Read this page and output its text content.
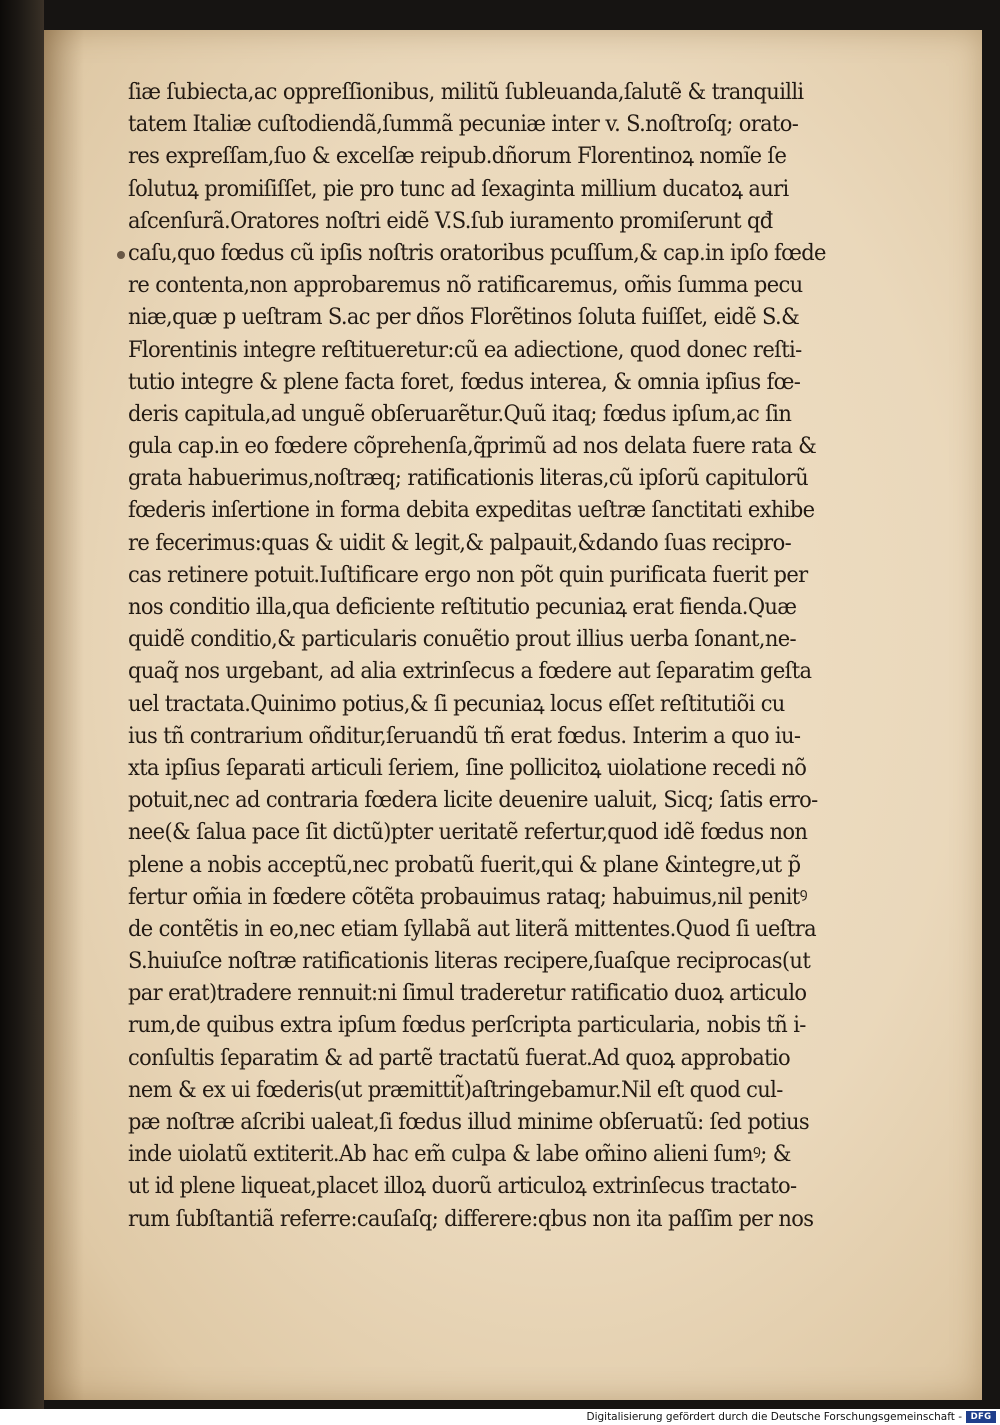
ſiæ ſubiecta,ac oppreſſionibus, militũ ſubleuanda,ſalutẽ & tranquilli
tatem Italiæ cuſtodiendã,ſummã pecuniæ inter v. S.noſtroſq; orato-
res expreſſam,ſuo & excelſæ reipub.dñorum Florentinoꝝ nomĩe ſe
ſolutuꝝ promiſiſſet, pie pro tunc ad ſexaginta millium ducatoꝝ auri
aſcenſurã.Oratores noſtri eidẽ V.S.ſub iuramento promiſerunt qđ
caſu,quo fœdus cũ ipſis noſtris oratoribus pcuſſum,& cap.in ipſo fœde
re contenta,non approbaremus nõ ratificaremus, om̃is ſumma pecu
niæ,quæ p ueſtram S.ac per dños Florẽtinos ſoluta fuiſſet, eidẽ S.&
Florentinis integre reſtitueretur:cũ ea adiectione, quod donec reſti-
tutio integre & plene facta foret, fœdus interea, & omnia ipſius fœ-
deris capitula,ad unguẽ obſeruarẽtur.Quũ itaq; fœdus ipſum,ac ſin
gula cap.in eo fœdere cõprehenſa,q̃primũ ad nos delata fuere rata &
grata habuerimus,noſtræq; ratificationis literas,cũ ipſorũ capitulorũ
fœderis inſertione in forma debita expeditas ueſtræ ſanctitati exhibe
re fecerimus:quas & uidit & legit,& palpauit,&dando ſuas recipro-
cas retinere potuit.Iuſtificare ergo non põt quin purificata fuerit per
nos conditio illa,qua deficiente reſtitutio pecuniaꝝ erat fienda.Quæ
quidẽ conditio,& particularis conuẽtio prout illius uerba ſonant,ne-
quaq̃ nos urgebant, ad alia extrinſecus a fœdere aut ſeparatim geſta
uel tractata.Quinimo potius,& ſi pecuniaꝝ locus eſſet reſtitutiõi cu
ius tñ contrarium oñditur,ſeruandũ tñ erat fœdus. Interim a quo iu-
xta ipſius ſeparati articuli ſeriem, ſine pollicitoꝝ uiolatione recedi nõ
potuit,nec ad contraria fœdera licite deuenire ualuit, Sicq; ſatis erro-
nee(& ſalua pace ſit dictũ)pter ueritatẽ refertur,quod idẽ fœdus non
plene a nobis acceptũ,nec probatũ fuerit,qui & plane &integre,ut p̃
fertur om̃ia in fœdere cõtẽta probauimus rataq; habuimus,nil penitꝰ
de contẽtis in eo,nec etiam ſyllabã aut literã mittentes.Quod ſi ueſtra
S.huiuſce noſtræ ratificationis literas recipere,ſuaſque reciprocas(ut
par erat)tradere rennuit:ni ſimul traderetur ratificatio duoꝝ articulo
rum,de quibus extra ipſum fœdus perſcripta particularia, nobis tñ i-
conſultis ſeparatim & ad partẽ tractatũ fuerat.Ad quoꝝ approbatio
nem & ex ui fœderis(ut præmittit̃)aſtringebamur.Nil eſt quod cul-
pæ noſtræ aſcribi ualeat,ſi fœdus illud minime obſeruatũ: ſed potius
inde uiolatũ extiterit.Ab hac em̃ culpa & labe om̃ino alieni ſumꝰ; &
ut id plene liqueat,placet illoꝝ duorũ articuloꝝ extrinſecus tractato-
rum ſubſtantiã referre:cauſaſq; differere:qbus non ita paſſim per nos
Digitalisierung gefördert durch die Deutsche Forschungsgemeinschaft -	DFG
